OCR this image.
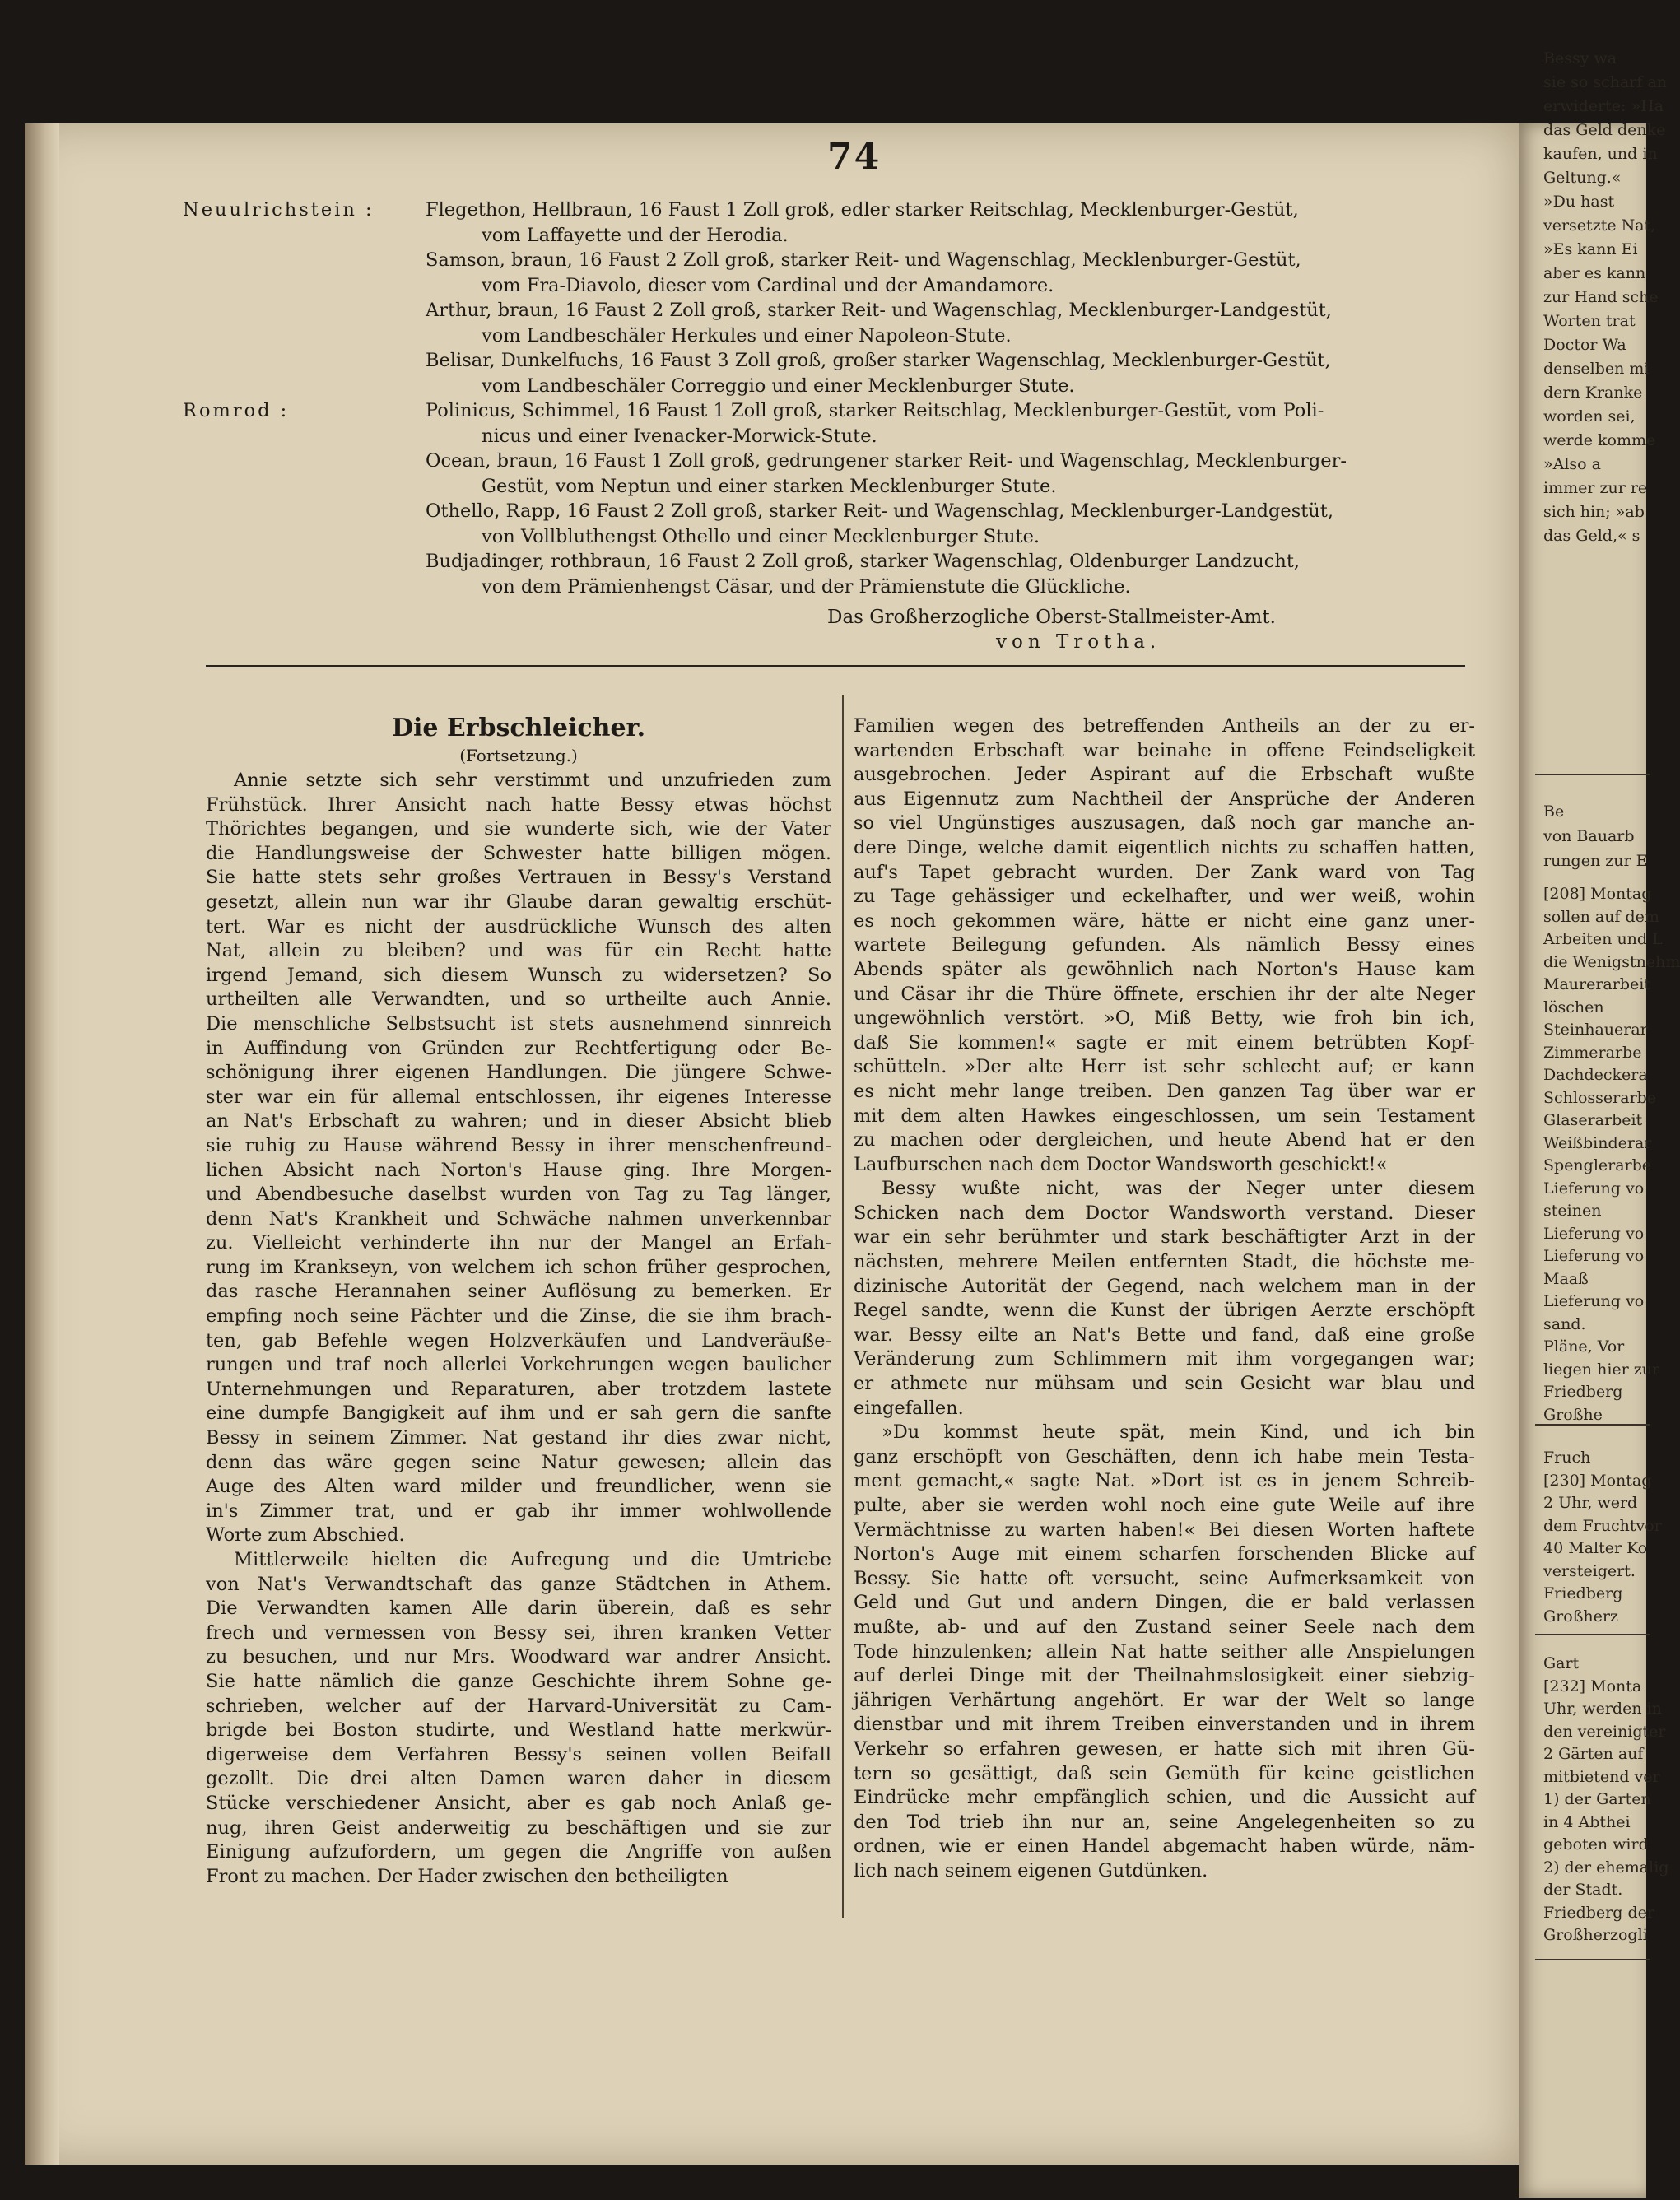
Bessy wa
sie so scharf an
erwiderte: »Ha
das Geld denke
kaufen, und in
Geltung.«
»Du hast
versetzte Nat,
»Es kann Ei
aber es kann
zur Hand sche
Worten trat
Doctor Wa
denselben mi
dern Kranke
worden sei,
werde komme
»Also a
immer zur re
sich hin; »ab
das Geld,« s
Be
von Bauarb
rungen zur E
[208] Montag
sollen auf dem
Arbeiten und L
die Wenigstnehm
Maurerarbeit
löschen
Steinhauerar
Zimmerarbe
Dachdeckera
Schlosserarbe
Glaserarbeit
Weißbinderar
Spenglerarbe
Lieferung vo
steinen
Lieferung vo
Lieferung vo
Maaß
Lieferung vo
sand.
Pläne, Vor
liegen hier zur
Friedberg
Großhe
Fruch
[230] Montag
2 Uhr, werd
dem Fruchtvor
40 Malter Ko
versteigert.
Friedberg
Großherz
Gart
[232] Monta
Uhr, werden in
den vereinigter
2 Gärten auf
mitbietend ver
1) der Garten
in 4 Abthei
geboten wird
2) der ehemalig
der Stadt.
Friedberg der
Großherzogli
74
Neuulrichstein :	Flegethon, Hellbraun, 16 Faust 1 Zoll groß, edler starker Reitschlag, Mecklenburger-Gestüt,
vom Laffayette und der Herodia.
Samson, braun, 16 Faust 2 Zoll groß, starker Reit- und Wagenschlag, Mecklenburger-Gestüt,
vom Fra-Diavolo, dieser vom Cardinal und der Amandamore.
Arthur, braun, 16 Faust 2 Zoll groß, starker Reit- und Wagenschlag, Mecklenburger-Landgestüt,
vom Landbeschäler Herkules und einer Napoleon-Stute.
Belisar, Dunkelfuchs, 16 Faust 3 Zoll groß, großer starker Wagenschlag, Mecklenburger-Gestüt,
vom Landbeschäler Correggio und einer Mecklenburger Stute.
Romrod :	Polinicus, Schimmel, 16 Faust 1 Zoll groß, starker Reitschlag, Mecklenburger-Gestüt, vom Poli-
nicus und einer Ivenacker-Morwick-Stute.
Ocean, braun, 16 Faust 1 Zoll groß, gedrungener starker Reit- und Wagenschlag, Mecklenburger-
Gestüt, vom Neptun und einer starken Mecklenburger Stute.
Othello, Rapp, 16 Faust 2 Zoll groß, starker Reit- und Wagenschlag, Mecklenburger-Landgestüt,
von Vollbluthengst Othello und einer Mecklenburger Stute.
Budjadinger, rothbraun, 16 Faust 2 Zoll groß, starker Wagenschlag, Oldenburger Landzucht,
von dem Prämienhengst Cäsar, und der Prämienstute die Glückliche.
Das Großherzogliche Oberst-Stallmeister-Amt.
von Trotha.
Die Erbschleicher.
(Fortsetzung.)
Annie setzte sich sehr verstimmt und unzufrieden zum
Frühstück. Ihrer Ansicht nach hatte Bessy etwas höchst
Thörichtes begangen, und sie wunderte sich, wie der Vater
die Handlungsweise der Schwester hatte billigen mögen.
Sie hatte stets sehr großes Vertrauen in Bessy's Verstand
gesetzt, allein nun war ihr Glaube daran gewaltig erschüt-
tert. War es nicht der ausdrückliche Wunsch des alten
Nat, allein zu bleiben? und was für ein Recht hatte
irgend Jemand, sich diesem Wunsch zu widersetzen? So
urtheilten alle Verwandten, und so urtheilte auch Annie.
Die menschliche Selbstsucht ist stets ausnehmend sinnreich
in Auffindung von Gründen zur Rechtfertigung oder Be-
schönigung ihrer eigenen Handlungen. Die jüngere Schwe-
ster war ein für allemal entschlossen, ihr eigenes Interesse
an Nat's Erbschaft zu wahren; und in dieser Absicht blieb
sie ruhig zu Hause während Bessy in ihrer menschenfreund-
lichen Absicht nach Norton's Hause ging. Ihre Morgen-
und Abendbesuche daselbst wurden von Tag zu Tag länger,
denn Nat's Krankheit und Schwäche nahmen unverkennbar
zu. Vielleicht verhinderte ihn nur der Mangel an Erfah-
rung im Krankseyn, von welchem ich schon früher gesprochen,
das rasche Herannahen seiner Auflösung zu bemerken. Er
empfing noch seine Pächter und die Zinse, die sie ihm brach-
ten, gab Befehle wegen Holzverkäufen und Landveräuße-
rungen und traf noch allerlei Vorkehrungen wegen baulicher
Unternehmungen und Reparaturen, aber trotzdem lastete
eine dumpfe Bangigkeit auf ihm und er sah gern die sanfte
Bessy in seinem Zimmer. Nat gestand ihr dies zwar nicht,
denn das wäre gegen seine Natur gewesen; allein das
Auge des Alten ward milder und freundlicher, wenn sie
in's Zimmer trat, und er gab ihr immer wohlwollende
Worte zum Abschied.
Mittlerweile hielten die Aufregung und die Umtriebe
von Nat's Verwandtschaft das ganze Städtchen in Athem.
Die Verwandten kamen Alle darin überein, daß es sehr
frech und vermessen von Bessy sei, ihren kranken Vetter
zu besuchen, und nur Mrs. Woodward war andrer Ansicht.
Sie hatte nämlich die ganze Geschichte ihrem Sohne ge-
schrieben, welcher auf der Harvard-Universität zu Cam-
brigde bei Boston studirte, und Westland hatte merkwür-
digerweise dem Verfahren Bessy's seinen vollen Beifall
gezollt. Die drei alten Damen waren daher in diesem
Stücke verschiedener Ansicht, aber es gab noch Anlaß ge-
nug, ihren Geist anderweitig zu beschäftigen und sie zur
Einigung aufzufordern, um gegen die Angriffe von außen
Front zu machen. Der Hader zwischen den betheiligten
Familien wegen des betreffenden Antheils an der zu er-
wartenden Erbschaft war beinahe in offene Feindseligkeit
ausgebrochen. Jeder Aspirant auf die Erbschaft wußte
aus Eigennutz zum Nachtheil der Ansprüche der Anderen
so viel Ungünstiges auszusagen, daß noch gar manche an-
dere Dinge, welche damit eigentlich nichts zu schaffen hatten,
auf's Tapet gebracht wurden. Der Zank ward von Tag
zu Tage gehässiger und eckelhafter, und wer weiß, wohin
es noch gekommen wäre, hätte er nicht eine ganz uner-
wartete Beilegung gefunden. Als nämlich Bessy eines
Abends später als gewöhnlich nach Norton's Hause kam
und Cäsar ihr die Thüre öffnete, erschien ihr der alte Neger
ungewöhnlich verstört. »O, Miß Betty, wie froh bin ich,
daß Sie kommen!« sagte er mit einem betrübten Kopf-
schütteln. »Der alte Herr ist sehr schlecht auf; er kann
es nicht mehr lange treiben. Den ganzen Tag über war er
mit dem alten Hawkes eingeschlossen, um sein Testament
zu machen oder dergleichen, und heute Abend hat er den
Laufburschen nach dem Doctor Wandsworth geschickt!«
Bessy wußte nicht, was der Neger unter diesem
Schicken nach dem Doctor Wandsworth verstand. Dieser
war ein sehr berühmter und stark beschäftigter Arzt in der
nächsten, mehrere Meilen entfernten Stadt, die höchste me-
dizinische Autorität der Gegend, nach welchem man in der
Regel sandte, wenn die Kunst der übrigen Aerzte erschöpft
war. Bessy eilte an Nat's Bette und fand, daß eine große
Veränderung zum Schlimmern mit ihm vorgegangen war;
er athmete nur mühsam und sein Gesicht war blau und
eingefallen.
»Du kommst heute spät, mein Kind, und ich bin
ganz erschöpft von Geschäften, denn ich habe mein Testa-
ment gemacht,« sagte Nat. »Dort ist es in jenem Schreib-
pulte, aber sie werden wohl noch eine gute Weile auf ihre
Vermächtnisse zu warten haben!« Bei diesen Worten haftete
Norton's Auge mit einem scharfen forschenden Blicke auf
Bessy. Sie hatte oft versucht, seine Aufmerksamkeit von
Geld und Gut und andern Dingen, die er bald verlassen
mußte, ab- und auf den Zustand seiner Seele nach dem
Tode hinzulenken; allein Nat hatte seither alle Anspielungen
auf derlei Dinge mit der Theilnahmslosigkeit einer siebzig-
jährigen Verhärtung angehört. Er war der Welt so lange
dienstbar und mit ihrem Treiben einverstanden und in ihrem
Verkehr so erfahren gewesen, er hatte sich mit ihren Gü-
tern so gesättigt, daß sein Gemüth für keine geistlichen
Eindrücke mehr empfänglich schien, und die Aussicht auf
den Tod trieb ihn nur an, seine Angelegenheiten so zu
ordnen, wie er einen Handel abgemacht haben würde, näm-
lich nach seinem eigenen Gutdünken.
